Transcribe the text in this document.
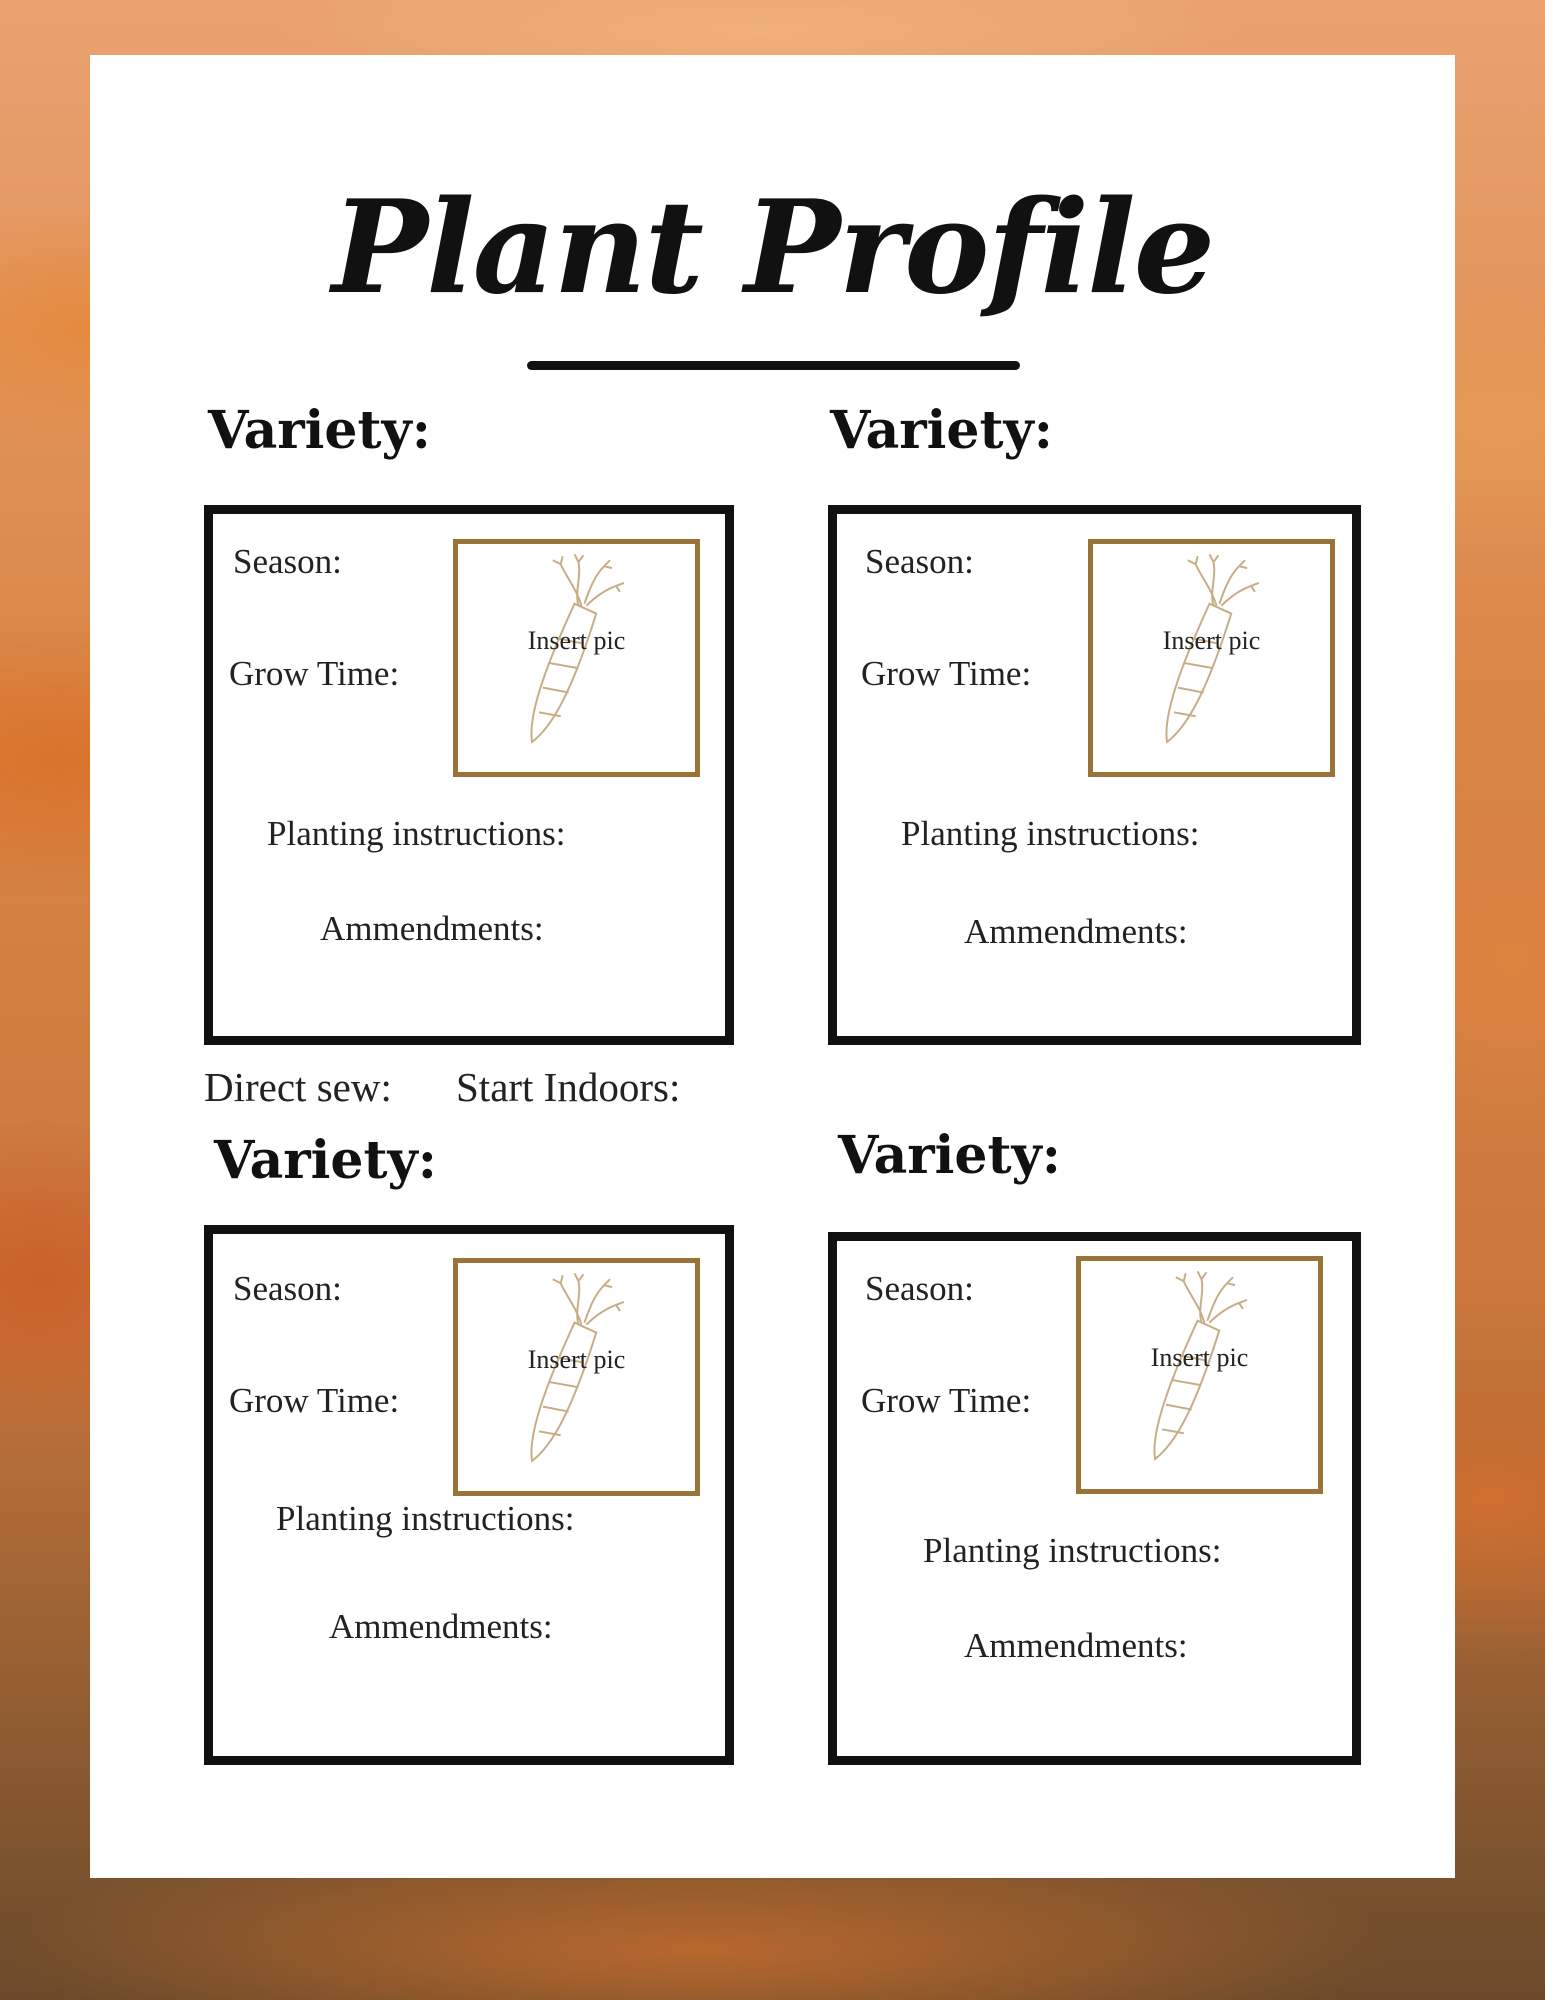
Plant Profile
Variety:
Season:
Grow Time:
Insert pic
Planting instructions:
Ammendments:
Variety:
Season:
Grow Time:
Insert pic
Planting instructions:
Ammendments:
Direct sew: Start Indoors:
Variety:
Season:
Grow Time:
Insert pic
Planting instructions:
Ammendments:
Variety:
Season:
Grow Time:
Insert pic
Planting instructions:
Ammendments:
